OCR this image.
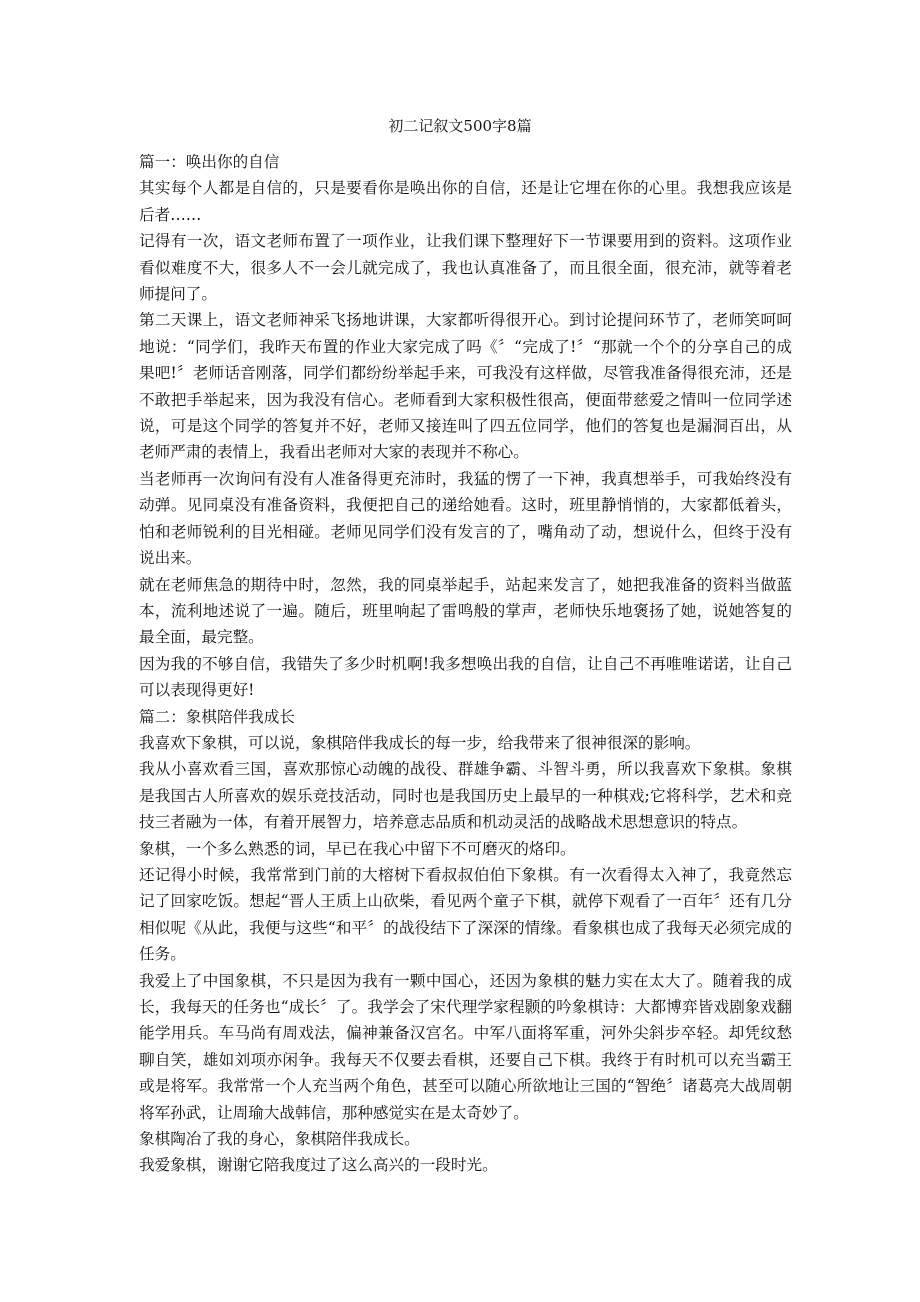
初二记叙文500字8篇

篇一：唤出你的自信

其实每个人都是自信的，只是要看你是唤出你的自信，还是让它埋在你的心里。我想我应该是后者……

记得有一次，语文老师布置了一项作业，让我们课下整理好下一节课要用到的资料。这项作业看似难度不大，很多人不一会儿就完成了，我也认真准备了，而且很全面，很充沛，就等着老师提问了。

第二天课上，语文老师神采飞扬地讲课，大家都听得很开心。到讨论提问环节了，老师笑呵呵地说：“同学们，我昨天布置的作业大家完成了吗《〞“完成了!〞“那就一个个的分享自己的成果吧!〞老师话音刚落，同学们都纷纷举起手来，可我没有这样做，尽管我准备得很充沛，还是不敢把手举起来，因为我没有信心。老师看到大家积极性很高，便面带慈爱之情叫一位同学述说，可是这个同学的答复并不好，老师又接连叫了四五位同学，他们的答复也是漏洞百出，从老师严肃的表情上，我看出老师对大家的表现并不称心。

当老师再一次询问有没有人准备得更充沛时，我猛的愣了一下神，我真想举手，可我始终没有动弹。见同桌没有准备资料，我便把自己的递给她看。这时，班里静悄悄的，大家都低着头，怕和老师锐利的目光相碰。老师见同学们没有发言的了，嘴角动了动，想说什么，但终于没有说出来。

就在老师焦急的期待中时，忽然，我的同桌举起手，站起来发言了，她把我准备的资料当做蓝本，流利地述说了一遍。随后，班里响起了雷鸣般的掌声，老师快乐地褒扬了她，说她答复的最全面，最完整。

因为我的不够自信，我错失了多少时机啊!我多想唤出我的自信，让自己不再唯唯诺诺，让自己可以表现得更好!

篇二：象棋陪伴我成长

我喜欢下象棋，可以说，象棋陪伴我成长的每一步，给我带来了很神很深的影响。

我从小喜欢看三国，喜欢那惊心动魄的战役、群雄争霸、斗智斗勇，所以我喜欢下象棋。象棋是我国古人所喜欢的娱乐竞技活动，同时也是我国历史上最早的一种棋戏;它将科学，艺术和竞技三者融为一体，有着开展智力，培养意志品质和机动灵活的战略战术思想意识的特点。

象棋，一个多么熟悉的词，早已在我心中留下不可磨灭的烙印。

还记得小时候，我常常到门前的大榕树下看叔叔伯伯下象棋。有一次看得太入神了，我竟然忘记了回家吃饭。想起“晋人王质上山砍柴，看见两个童子下棋，就停下观看了一百年〞还有几分相似呢《从此，我便与这些“和平〞的战役结下了深深的情缘。看象棋也成了我每天必须完成的任务。

我爱上了中国象棋，不只是因为我有一颗中国心，还因为象棋的魅力实在太大了。随着我的成长，我每天的任务也“成长〞了。我学会了宋代理学家程颢的吟象棋诗：大都博弈皆戏剧象戏翻能学用兵。车马尚有周戏法，偏神兼备汉宫名。中军八面将军重，河外尖斜步卒轻。却凭纹愁聊自笑，雄如刘项亦闲争。我每天不仅要去看棋，还要自己下棋。我终于有时机可以充当霸王或是将军。我常常一个人充当两个角色，甚至可以随心所欲地让三国的“智绝〞诸葛亮大战周朝将军孙武，让周瑜大战韩信，那种感觉实在是太奇妙了。

象棋陶冶了我的身心，象棋陪伴我成长。

我爱象棋，谢谢它陪我度过了这么高兴的一段时光。
